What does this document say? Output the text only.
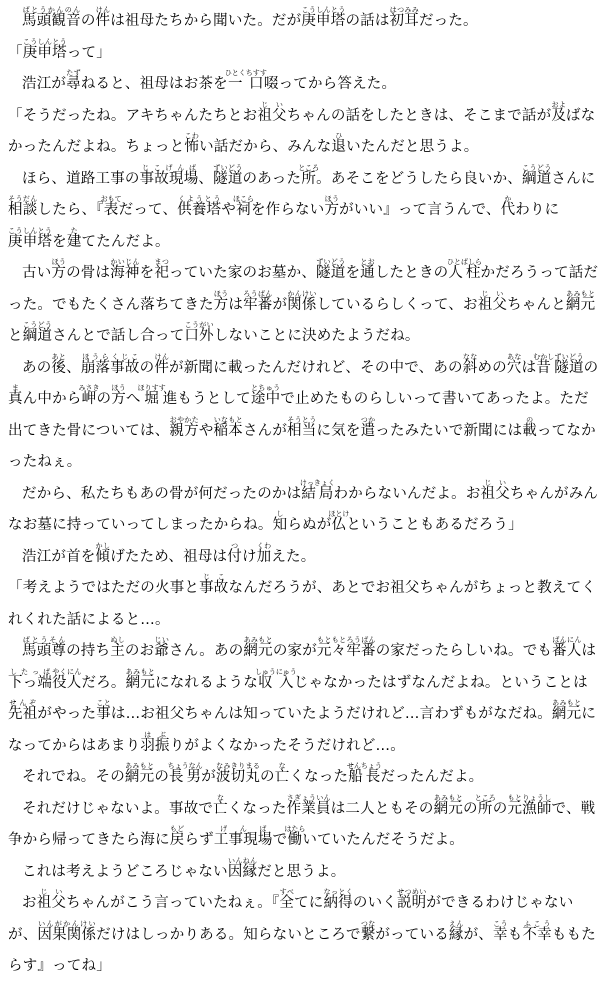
馬頭観音ばとうかんのんの件けんは祖母たちから聞いた。だが庚申塔こうしんとうの話は初耳はつみみだった。

「庚申塔こうしんとうって」

浩江が尋たずねると、祖母はお茶を一口ひとくちすす啜ってから答えた。

「そうだったね。アキちゃんたちとお祖父じいちゃんの話をしたときは、そこまで話が及およばなかったんだよね。ちょっと怖こわい話だから、みんな退ひいたんだと思うよ。

ほら、道路工事の事故現場じこげんば、隧道ずいどうのあった所ところ。あそこをどうしたら良いか、綱道こうどうさんに相談そうだんしたら、『表おもてだって、供養塔くようとうや祠ほこらを作らない方ほうがいい』って言うんで、代かわりに庚申塔こうしんとうを建たてたんだよ。

古い方ほうの骨は海神かいじんを祀まつっていた家のお墓か、隧道ずいどうを通とおしたときの人柱ひとばしらかだろうって話だった。でもたくさん落ちてきた方ほうは牢番ろうばんが関係かんけいしているらしくって、お祖父じいちゃんと網元あみもとと綱道こうどうさんとで話し合って口外こうがいしないことに決めたようだね。

あの後あと、崩落事故ほうらくじこの件けんが新聞に載ったんだけれど、その中で、あの斜ななめの穴あなは昔むかし隧道ずいどうの真まん中から岬みさきの方ほうへ堀ほりすす進もうとして途中とちゅうで止めたものらしいって書いてあったよ。ただ出てきた骨については、親方おやかたや稲本いなもとさんが相当そうとうに気を遣つかったみたいで新聞には載のってなかったねぇ。

だから、私たちもあの骨が何だったのかは結局けっきょくわからないんだよ。お祖父じいちゃんがみんなお墓に持っていってしまったからね。知しらぬが仏ほとけということもあるだろう」

浩江が首を傾かしげたため、祖母は付つけ加くわえた。

「考えようではただの火事と事故じこなんだろうが、あとでお祖父ちゃんがちょっと教えてくれくれた話によると…。

馬頭尊ばとうそんの持ち主ぬしのお爺じいさん。あの網元あみもとの家が元々もともと牢番ろうばんの家だったらしいね。でも番人ばんにんは下っ端したっぱ役人やくにんだろ。網元あみもとになれるような収入しゅうにゅうじゃなかったはずなんだよね。ということは先祖せんぞがやった事ことは…お祖父ちゃんは知っていたようだけれど…言わずもがなだね。網元あみもとになってからはあまり羽振はぶりがよくなかったそうだけれど…。

それでね。その網元あみもとの長男ちょうなんが波切丸なみきりまるの亡なくなった船長せんちょうだったんだよ。

それだけじゃないよ。事故で亡なくなった作業員さぎょういんは二人ともその網元あみもとの所ところの元漁師もとりょうしで、戦争から帰ってきたら海に戻もどらず工事現場げんばで働はたらいていたんだそうだよ。

これは考えようどころじゃない因縁いんねんだと思うよ。

お祖父じいちゃんがこう言っていたねぇ。『全すべてに納得なっとくのいく説明せつめいができるわけじゃないが、因果関係いんがかんけいだけはしっかりある。知らないところで繋つながっている縁えんが、幸こうも不幸ふこうももたらす』ってね」
